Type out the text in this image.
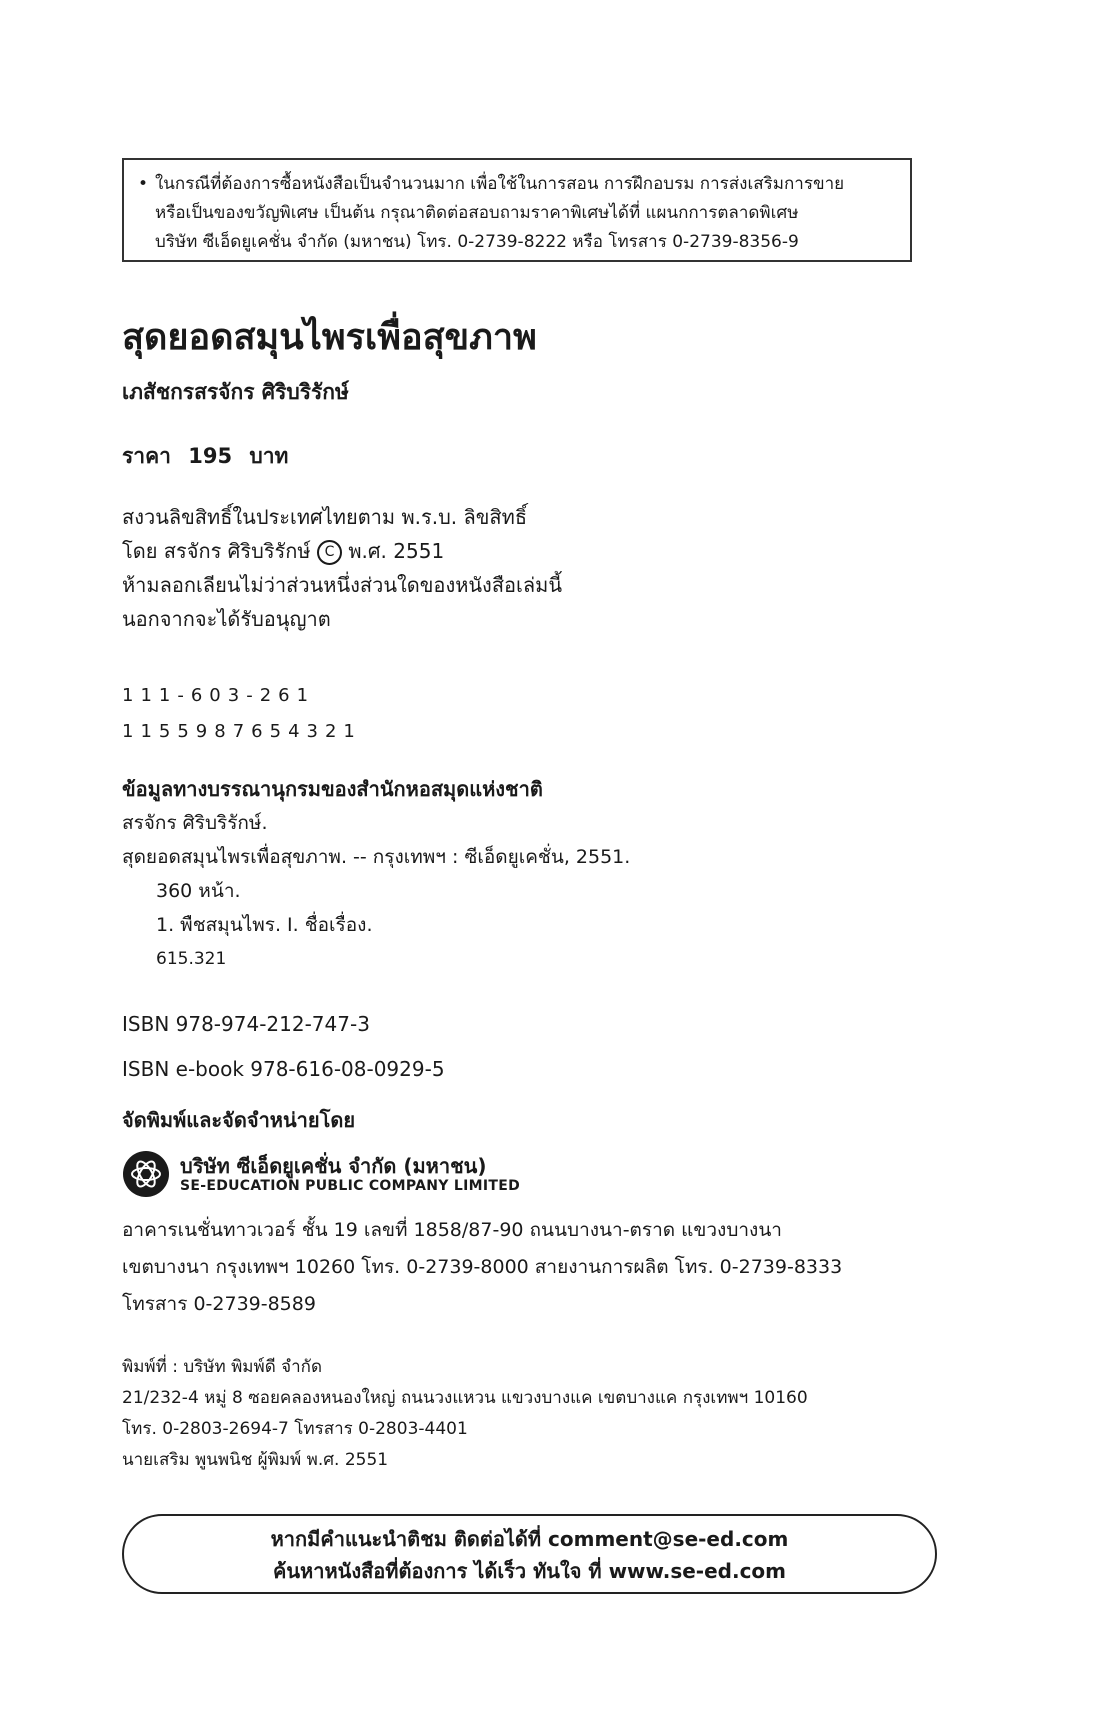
• ในกรณีที่ต้องการซื้อหนังสือเป็นจำนวนมาก เพื่อใช้ในการสอน การฝึกอบรม การส่งเสริมการขาย
หรือเป็นของขวัญพิเศษ เป็นต้น กรุณาติดต่อสอบถามราคาพิเศษได้ที่ แผนกการตลาดพิเศษ
บริษัท ซีเอ็ดยูเคชั่น จำกัด (มหาชน) โทร. 0-2739-8222 หรือ โทรสาร 0-2739-8356-9
สุดยอดสมุนไพรเพื่อสุขภาพ
เภสัชกรสรจักร ศิริบริรักษ์
ราคา 195 บาท
สงวนลิขสิทธิ์ในประเทศไทยตาม พ.ร.บ. ลิขสิทธิ์
โดย สรจักร ศิริบริรักษ์ C พ.ศ. 2551
ห้ามลอกเลียนไม่ว่าส่วนหนึ่งส่วนใดของหนังสือเล่มนี้
นอกจากจะได้รับอนุญาต
111-603-261
1155987654321
ข้อมูลทางบรรณานุกรมของสำนักหอสมุดแห่งชาติ
สรจักร ศิริบริรักษ์.
สุดยอดสมุนไพรเพื่อสุขภาพ. -- กรุงเทพฯ : ซีเอ็ดยูเคชั่น, 2551.
360 หน้า.
1. พืชสมุนไพร. I. ชื่อเรื่อง.
615.321
ISBN 978-974-212-747-3
ISBN e-book 978-616-08-0929-5
จัดพิมพ์และจัดจำหน่ายโดย
บริษัท ซีเอ็ดยูเคชั่น จำกัด (มหาชน)
SE-EDUCATION PUBLIC COMPANY LIMITED
อาคารเนชั่นทาวเวอร์ ชั้น 19 เลขที่ 1858/87-90 ถนนบางนา-ตราด แขวงบางนา
เขตบางนา กรุงเทพฯ 10260 โทร. 0-2739-8000 สายงานการผลิต โทร. 0-2739-8333
โทรสาร 0-2739-8589
พิมพ์ที่ : บริษัท พิมพ์ดี จำกัด
21/232-4 หมู่ 8 ซอยคลองหนองใหญ่ ถนนวงแหวน แขวงบางแค เขตบางแค กรุงเทพฯ 10160
โทร. 0-2803-2694-7 โทรสาร 0-2803-4401
นายเสริม พูนพนิช ผู้พิมพ์ พ.ศ. 2551
หากมีคำแนะนำติชม ติดต่อได้ที่ comment@se-ed.com
ค้นหาหนังสือที่ต้องการ ได้เร็ว ทันใจ ที่ www.se-ed.com
